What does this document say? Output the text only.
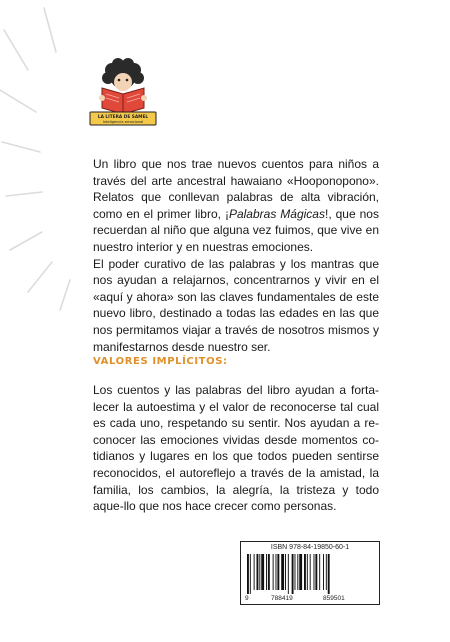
LA LITERA DE SAMEL
Inteligencia emocional

Un libro que nos trae nuevos cuentos para niños a través del arte ancestral hawaiano «Hooponopono». Relatos que conllevan palabras de alta vibración, como en el primer libro, ¡Palabras Mágicas!, que nos recuerdan al niño que alguna vez fuimos, que vive en nuestro interior y en nuestras emociones.
El poder curativo de las palabras y los mantras que nos ayudan a relajarnos, concentrarnos y vivir en el «aquí y ahora» son las claves fundamentales de este nuevo libro, destinado a todas las edades en las que nos permitamos viajar a través de nosotros mismos y manifestarnos desde nuestro ser.

VALORES IMPLÍCITOS:

Los cuentos y las palabras del libro ayudan a forta-lecer la autoestima y el valor de reconocerse tal cual es cada uno, respetando su sentir. Nos ayudan a re-conocer las emociones vividas desde momentos co-tidianos y lugares en los que todos pueden sentirse reconocidos, el autoreflejo a través de la amistad, la familia, los cambios, la alegría, la tristeza y todo aque-llo que nos hace crecer como personas.

ISBN 978-84-19850-60-1
9	788419	859501
